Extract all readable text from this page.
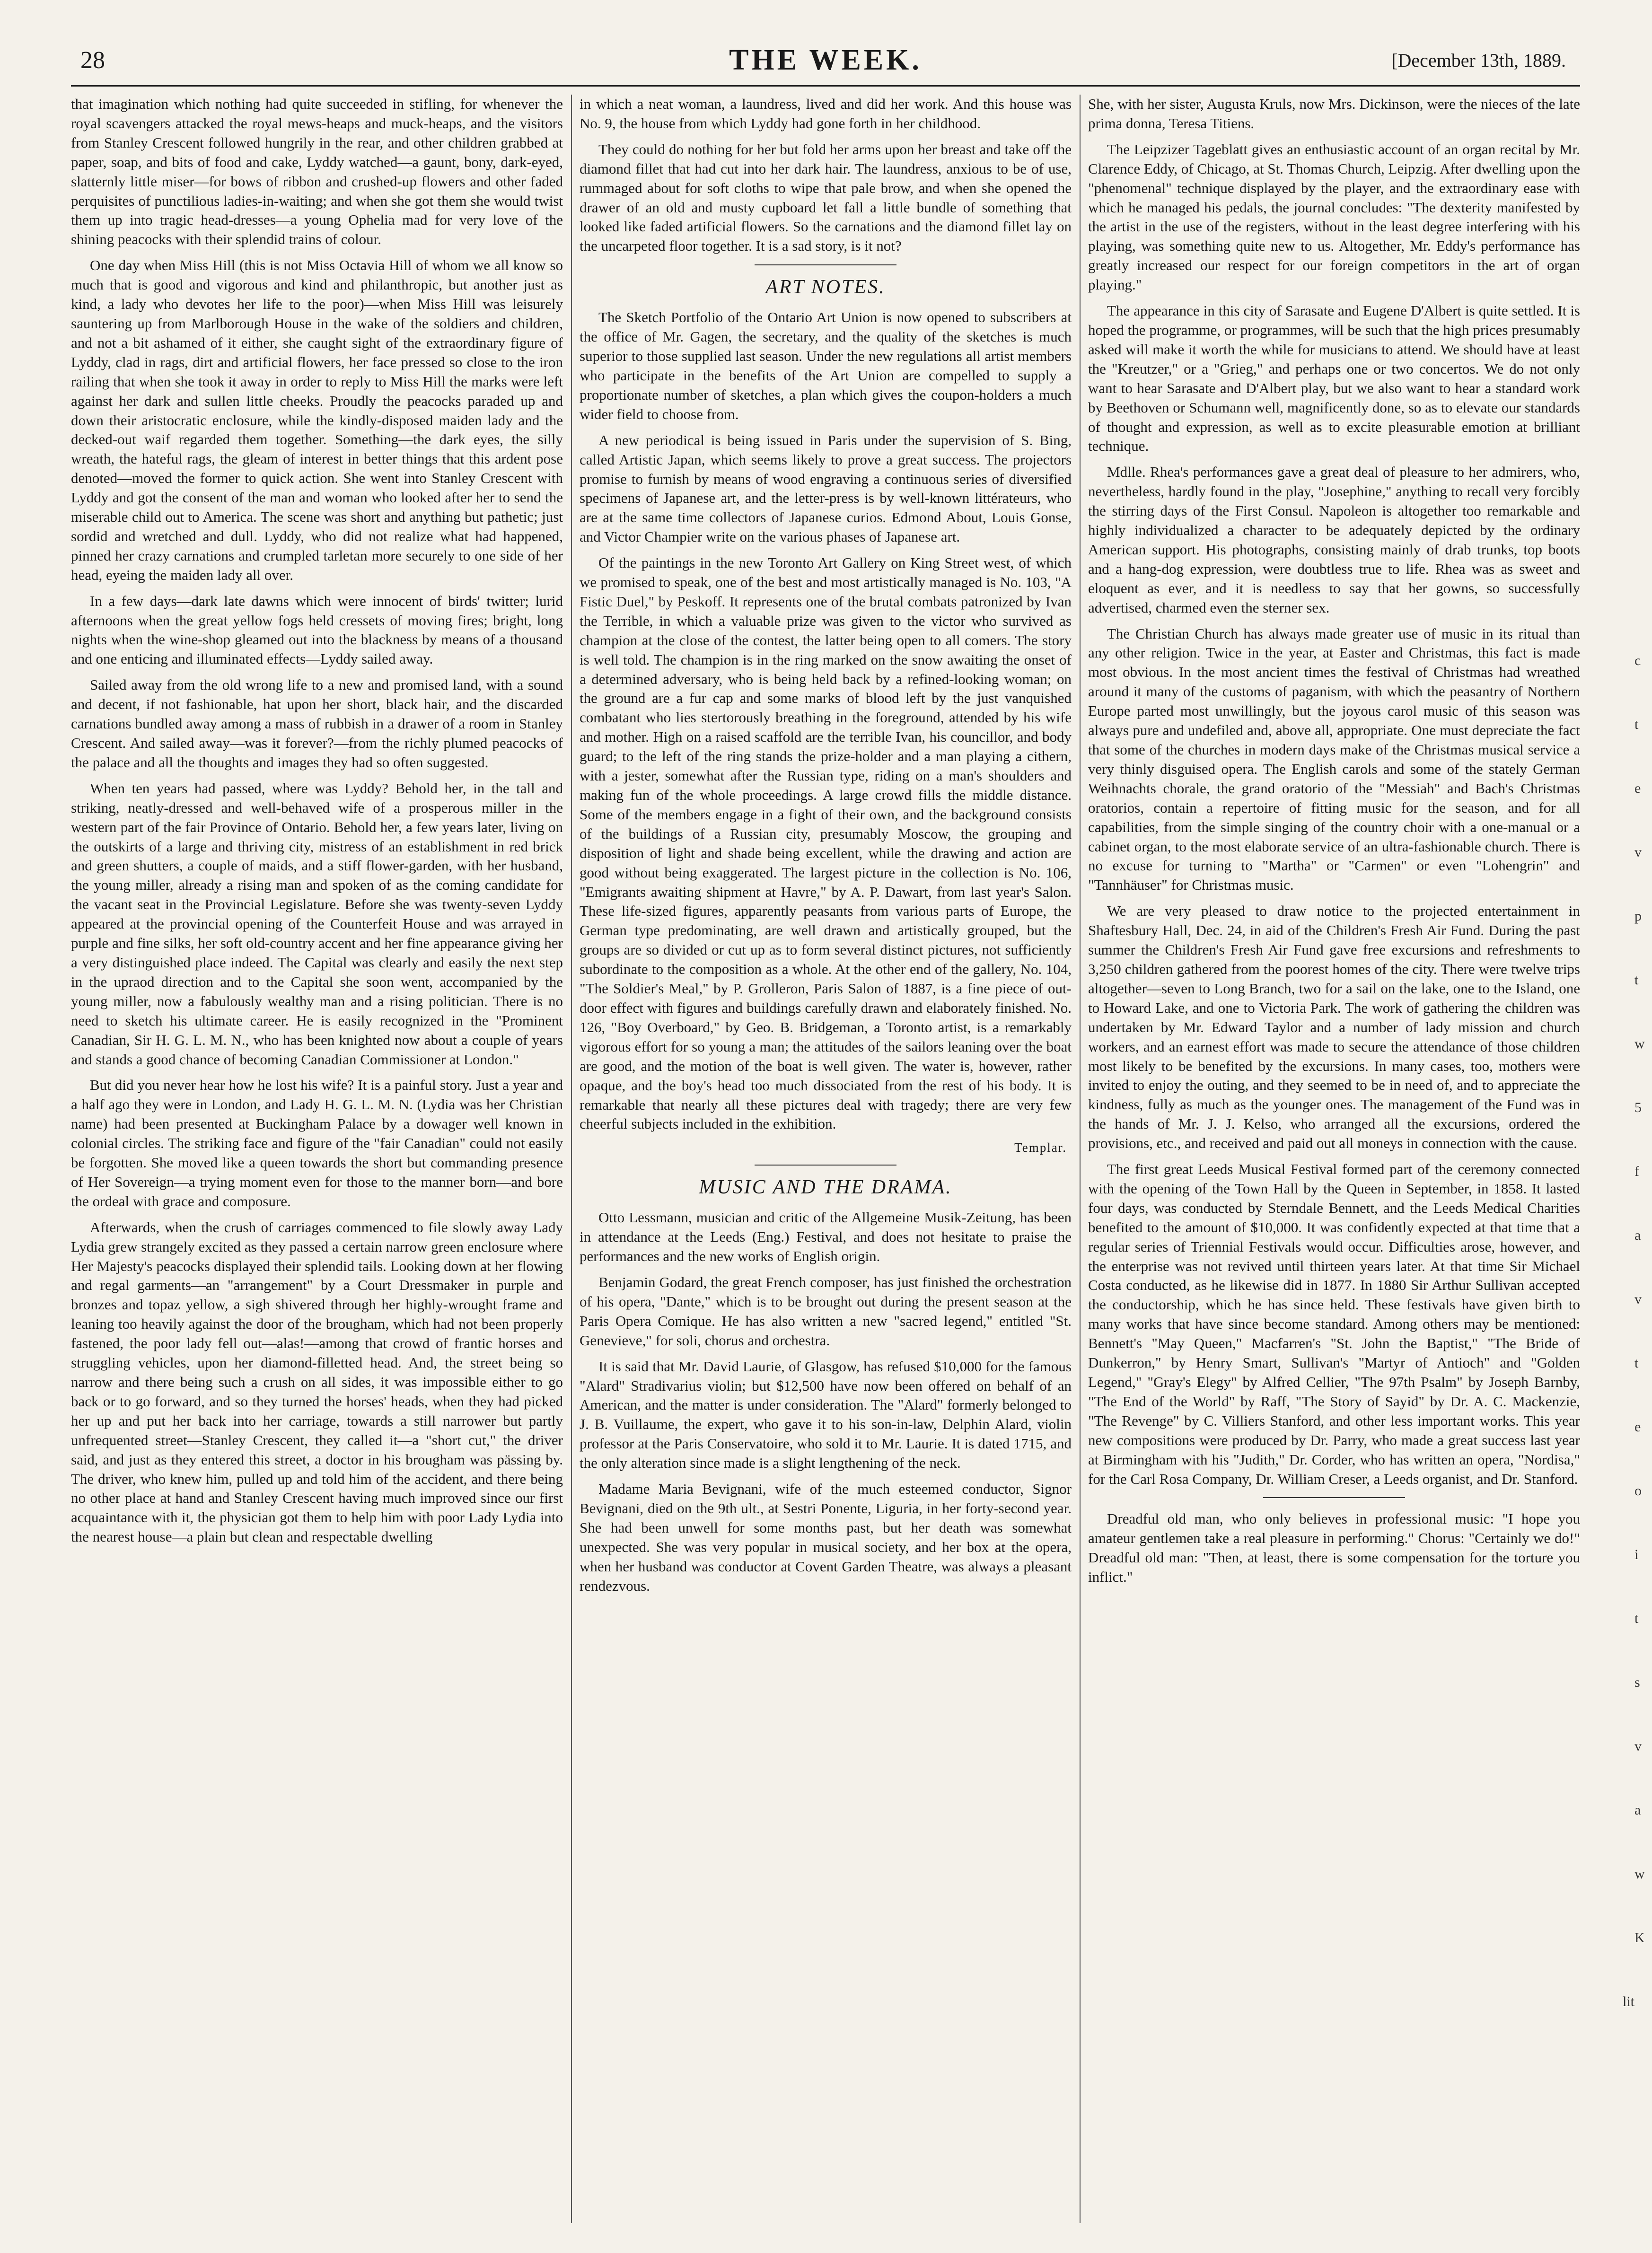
28	THE WEEK.	[December 13th, 1889.

that imagination which nothing had quite succeeded in stifling, for whenever the royal scavengers attacked the royal mews-heaps and muck-heaps, and the visitors from Stanley Crescent followed hungrily in the rear, and other children grabbed at paper, soap, and bits of food and cake, Lyddy watched—a gaunt, bony, dark-eyed, slatternly little miser—for bows of ribbon and crushed-up flowers and other faded perquisites of punctilious ladies-in-waiting; and when she got them she would twist them up into tragic head-dresses—a young Ophelia mad for very love of the shining peacocks with their splendid trains of colour.

One day when Miss Hill (this is not Miss Octavia Hill of whom we all know so much that is good and vigorous and kind and philanthropic, but another just as kind, a lady who devotes her life to the poor)—when Miss Hill was leisurely sauntering up from Marlborough House in the wake of the soldiers and children, and not a bit ashamed of it either, she caught sight of the extraordinary figure of Lyddy, clad in rags, dirt and artificial flowers, her face pressed so close to the iron railing that when she took it away in order to reply to Miss Hill the marks were left against her dark and sullen little cheeks. Proudly the peacocks paraded up and down their aristocratic enclosure, while the kindly-disposed maiden lady and the decked-out waif regarded them together. Something—the dark eyes, the silly wreath, the hateful rags, the gleam of interest in better things that this ardent pose denoted—moved the former to quick action. She went into Stanley Crescent with Lyddy and got the consent of the man and woman who looked after her to send the miserable child out to America. The scene was short and anything but pathetic; just sordid and wretched and dull. Lyddy, who did not realize what had happened, pinned her crazy carnations and crumpled tarletan more securely to one side of her head, eyeing the maiden lady all over.

In a few days—dark late dawns which were innocent of birds' twitter; lurid afternoons when the great yellow fogs held cressets of moving fires; bright, long nights when the wine-shop gleamed out into the blackness by means of a thousand and one enticing and illuminated effects—Lyddy sailed away.

Sailed away from the old wrong life to a new and promised land, with a sound and decent, if not fashionable, hat upon her short, black hair, and the discarded carnations bundled away among a mass of rubbish in a drawer of a room in Stanley Crescent. And sailed away—was it forever?—from the richly plumed peacocks of the palace and all the thoughts and images they had so often suggested.

When ten years had passed, where was Lyddy? Behold her, in the tall and striking, neatly-dressed and well-behaved wife of a prosperous miller in the western part of the fair Province of Ontario. Behold her, a few years later, living on the outskirts of a large and thriving city, mistress of an establishment in red brick and green shutters, a couple of maids, and a stiff flower-garden, with her husband, the young miller, already a rising man and spoken of as the coming candidate for the vacant seat in the Provincial Legislature. Before she was twenty-seven Lyddy appeared at the provincial opening of the Counterfeit House and was arrayed in purple and fine silks, her soft old-country accent and her fine appearance giving her a very distinguished place indeed. The Capital was clearly and easily the next step in the upraod direction and to the Capital she soon went, accompanied by the young miller, now a fabulously wealthy man and a rising politician. There is no need to sketch his ultimate career. He is easily recognized in the "Prominent Canadian, Sir H. G. L. M. N., who has been knighted now about a couple of years and stands a good chance of becoming Canadian Commissioner at London."

But did you never hear how he lost his wife? It is a painful story. Just a year and a half ago they were in London, and Lady H. G. L. M. N. (Lydia was her Christian name) had been presented at Buckingham Palace by a dowager well known in colonial circles. The striking face and figure of the "fair Canadian" could not easily be forgotten. She moved like a queen towards the short but commanding presence of Her Sovereign—a trying moment even for those to the manner born—and bore the ordeal with grace and composure.

Afterwards, when the crush of carriages commenced to file slowly away Lady Lydia grew strangely excited as they passed a certain narrow green enclosure where Her Majesty's peacocks displayed their splendid tails. Looking down at her flowing and regal garments—an "arrangement" by a Court Dressmaker in purple and bronzes and topaz yellow, a sigh shivered through her highly-wrought frame and leaning too heavily against the door of the brougham, which had not been properly fastened, the poor lady fell out—alas!—among that crowd of frantic horses and struggling vehicles, upon her diamond-filletted head. And, the street being so narrow and there being such a crush on all sides, it was impossible either to go back or to go forward, and so they turned the horses' heads, when they had picked her up and put her back into her carriage, towards a still narrower but partly unfrequented street—Stanley Crescent, they called it—a "short cut," the driver said, and just as they entered this street, a doctor in his brougham was pässing by. The driver, who knew him, pulled up and told him of the accident, and there being no other place at hand and Stanley Crescent having much improved since our first acquaintance with it, the physician got them to help him with poor Lady Lydia into the nearest house—a plain but clean and respectable dwelling

in which a neat woman, a laundress, lived and did her work. And this house was No. 9, the house from which Lyddy had gone forth in her childhood.

They could do nothing for her but fold her arms upon her breast and take off the diamond fillet that had cut into her dark hair. The laundress, anxious to be of use, rummaged about for soft cloths to wipe that pale brow, and when she opened the drawer of an old and musty cupboard let fall a little bundle of something that looked like faded artificial flowers. So the carnations and the diamond fillet lay on the uncarpeted floor together. It is a sad story, is it not?

ART NOTES.

The Sketch Portfolio of the Ontario Art Union is now opened to subscribers at the office of Mr. Gagen, the secretary, and the quality of the sketches is much superior to those supplied last season. Under the new regulations all artist members who participate in the benefits of the Art Union are compelled to supply a proportionate number of sketches, a plan which gives the coupon-holders a much wider field to choose from.

A new periodical is being issued in Paris under the supervision of S. Bing, called Artistic Japan, which seems likely to prove a great success. The projectors promise to furnish by means of wood engraving a continuous series of diversified specimens of Japanese art, and the letter-press is by well-known littérateurs, who are at the same time collectors of Japanese curios. Edmond About, Louis Gonse, and Victor Champier write on the various phases of Japanese art.

Of the paintings in the new Toronto Art Gallery on King Street west, of which we promised to speak, one of the best and most artistically managed is No. 103, "A Fistic Duel," by Peskoff. It represents one of the brutal combats patronized by Ivan the Terrible, in which a valuable prize was given to the victor who survived as champion at the close of the contest, the latter being open to all comers. The story is well told. The champion is in the ring marked on the snow awaiting the onset of a determined adversary, who is being held back by a refined-looking woman; on the ground are a fur cap and some marks of blood left by the just vanquished combatant who lies stertorously breathing in the foreground, attended by his wife and mother. High on a raised scaffold are the terrible Ivan, his councillor, and body guard; to the left of the ring stands the prize-holder and a man playing a cithern, with a jester, somewhat after the Russian type, riding on a man's shoulders and making fun of the whole proceedings. A large crowd fills the middle distance. Some of the members engage in a fight of their own, and the background consists of the buildings of a Russian city, presumably Moscow, the grouping and disposition of light and shade being excellent, while the drawing and action are good without being exaggerated. The largest picture in the collection is No. 106, "Emigrants awaiting shipment at Havre," by A. P. Dawart, from last year's Salon. These life-sized figures, apparently peasants from various parts of Europe, the German type predominating, are well drawn and artistically grouped, but the groups are so divided or cut up as to form several distinct pictures, not sufficiently subordinate to the composition as a whole. At the other end of the gallery, No. 104, "The Soldier's Meal," by P. Grolleron, Paris Salon of 1887, is a fine piece of out-door effect with figures and buildings carefully drawn and elaborately finished. No. 126, "Boy Overboard," by Geo. B. Bridgeman, a Toronto artist, is a remarkably vigorous effort for so young a man; the attitudes of the sailors leaning over the boat are good, and the motion of the boat is well given. The water is, however, rather opaque, and the boy's head too much dissociated from the rest of his body. It is remarkable that nearly all these pictures deal with tragedy; there are very few cheerful subjects included in the exhibition.

Templar.
MUSIC AND THE DRAMA.

Otto Lessmann, musician and critic of the Allgemeine Musik-Zeitung, has been in attendance at the Leeds (Eng.) Festival, and does not hesitate to praise the performances and the new works of English origin.

Benjamin Godard, the great French composer, has just finished the orchestration of his opera, "Dante," which is to be brought out during the present season at the Paris Opera Comique. He has also written a new "sacred legend," entitled "St. Genevieve," for soli, chorus and orchestra.

It is said that Mr. David Laurie, of Glasgow, has refused $10,000 for the famous "Alard" Stradivarius violin; but $12,500 have now been offered on behalf of an American, and the matter is under consideration. The "Alard" formerly belonged to J. B. Vuillaume, the expert, who gave it to his son-in-law, Delphin Alard, violin professor at the Paris Conservatoire, who sold it to Mr. Laurie. It is dated 1715, and the only alteration since made is a slight lengthening of the neck.

Madame Maria Bevignani, wife of the much esteemed conductor, Signor Bevignani, died on the 9th ult., at Sestri Ponente, Liguria, in her forty-second year. She had been unwell for some months past, but her death was somewhat unexpected. She was very popular in musical society, and her box at the opera, when her husband was conductor at Covent Garden Theatre, was always a pleasant rendezvous.

She, with her sister, Augusta Kruls, now Mrs. Dickinson, were the nieces of the late prima donna, Teresa Titiens.

The Leipzizer Tageblatt gives an enthusiastic account of an organ recital by Mr. Clarence Eddy, of Chicago, at St. Thomas Church, Leipzig. After dwelling upon the "phenomenal" technique displayed by the player, and the extraordinary ease with which he managed his pedals, the journal concludes: "The dexterity manifested by the artist in the use of the registers, without in the least degree interfering with his playing, was something quite new to us. Altogether, Mr. Eddy's performance has greatly increased our respect for our foreign competitors in the art of organ playing."

The appearance in this city of Sarasate and Eugene D'Albert is quite settled. It is hoped the programme, or programmes, will be such that the high prices presumably asked will make it worth the while for musicians to attend. We should have at least the "Kreutzer," or a "Grieg," and perhaps one or two concertos. We do not only want to hear Sarasate and D'Albert play, but we also want to hear a standard work by Beethoven or Schumann well, magnificently done, so as to elevate our standards of thought and expression, as well as to excite pleasurable emotion at brilliant technique.

Mdlle. Rhea's performances gave a great deal of pleasure to her admirers, who, nevertheless, hardly found in the play, "Josephine," anything to recall very forcibly the stirring days of the First Consul. Napoleon is altogether too remarkable and highly individualized a character to be adequately depicted by the ordinary American support. His photographs, consisting mainly of drab trunks, top boots and a hang-dog expression, were doubtless true to life. Rhea was as sweet and eloquent as ever, and it is needless to say that her gowns, so successfully advertised, charmed even the sterner sex.

The Christian Church has always made greater use of music in its ritual than any other religion. Twice in the year, at Easter and Christmas, this fact is made most obvious. In the most ancient times the festival of Christmas had wreathed around it many of the customs of paganism, with which the peasantry of Northern Europe parted most unwillingly, but the joyous carol music of this season was always pure and undefiled and, above all, appropriate. One must depreciate the fact that some of the churches in modern days make of the Christmas musical service a very thinly disguised opera. The English carols and some of the stately German Weihnachts chorale, the grand oratorio of the "Messiah" and Bach's Christmas oratorios, contain a repertoire of fitting music for the season, and for all capabilities, from the simple singing of the country choir with a one-manual or a cabinet organ, to the most elaborate service of an ultra-fashionable church. There is no excuse for turning to "Martha" or "Carmen" or even "Lohengrin" and "Tannhäuser" for Christmas music.

We are very pleased to draw notice to the projected entertainment in Shaftesbury Hall, Dec. 24, in aid of the Children's Fresh Air Fund. During the past summer the Children's Fresh Air Fund gave free excursions and refreshments to 3,250 children gathered from the poorest homes of the city. There were twelve trips altogether—seven to Long Branch, two for a sail on the lake, one to the Island, one to Howard Lake, and one to Victoria Park. The work of gathering the children was undertaken by Mr. Edward Taylor and a number of lady mission and church workers, and an earnest effort was made to secure the attendance of those children most likely to be benefited by the excursions. In many cases, too, mothers were invited to enjoy the outing, and they seemed to be in need of, and to appreciate the kindness, fully as much as the younger ones. The management of the Fund was in the hands of Mr. J. J. Kelso, who arranged all the excursions, ordered the provisions, etc., and received and paid out all moneys in connection with the cause.

The first great Leeds Musical Festival formed part of the ceremony connected with the opening of the Town Hall by the Queen in September, in 1858. It lasted four days, was conducted by Sterndale Bennett, and the Leeds Medical Charities benefited to the amount of $10,000. It was confidently expected at that time that a regular series of Triennial Festivals would occur. Difficulties arose, however, and the enterprise was not revived until thirteen years later. At that time Sir Michael Costa conducted, as he likewise did in 1877. In 1880 Sir Arthur Sullivan accepted the conductorship, which he has since held. These festivals have given birth to many works that have since become standard. Among others may be mentioned: Bennett's "May Queen," Macfarren's "St. John the Baptist," "The Bride of Dunkerron," by Henry Smart, Sullivan's "Martyr of Antioch" and "Golden Legend," "Gray's Elegy" by Alfred Cellier, "The 97th Psalm" by Joseph Barnby, "The End of the World" by Raff, "The Story of Sayid" by Dr. A. C. Mackenzie, "The Revenge" by C. Villiers Stanford, and other less important works. This year new compositions were produced by Dr. Parry, who made a great success last year at Birmingham with his "Judith," Dr. Corder, who has written an opera, "Nordisa," for the Carl Rosa Company, Dr. William Creser, a Leeds organist, and Dr. Stanford.

Dreadful old man, who only believes in professional music: "I hope you amateur gentlemen take a real pleasure in performing." Chorus: "Certainly we do!" Dreadful old man: "Then, at least, there is some compensation for the torture you inflict."

c
t
e
v
p
t
w
5
f
a
v
t
e
o
i
t
s
v
a
w
K
lit
